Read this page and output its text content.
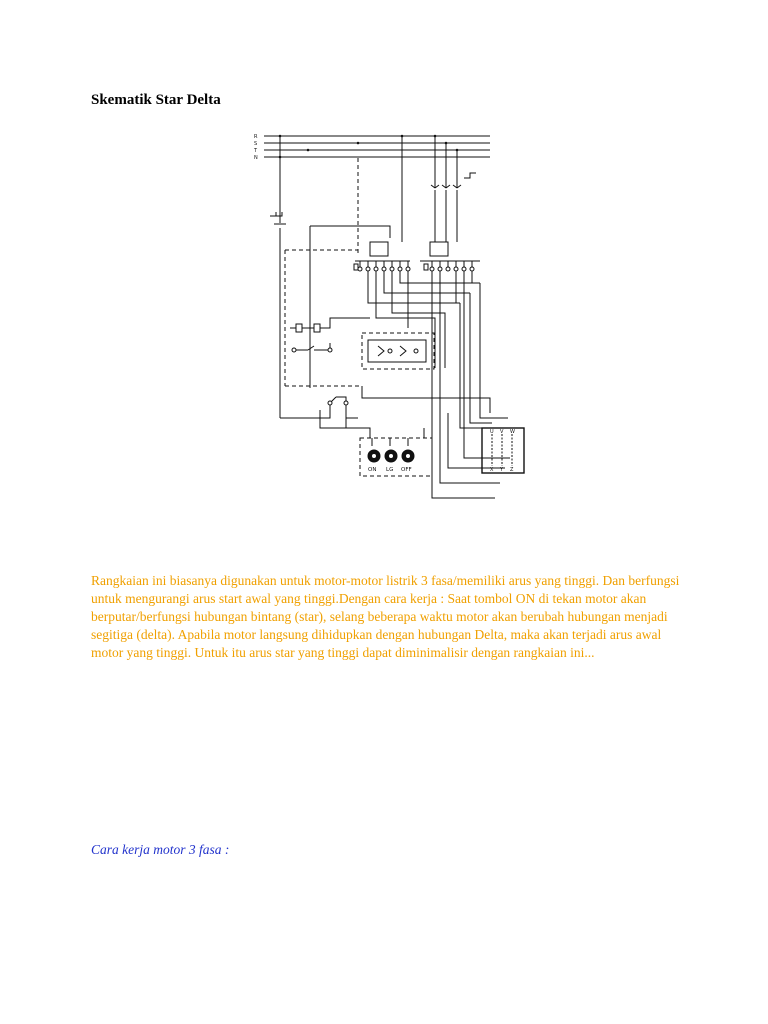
Skematik Star Delta
R
S
T
N
ON LG OFF
U V W
X Y Z

Rangkaian ini biasanya digunakan untuk motor-motor listrik 3 fasa/memiliki arus yang tinggi. Dan berfungsi untuk mengurangi arus start awal yang tinggi.Dengan cara kerja : Saat tombol ON di tekan motor akan berputar/berfungsi hubungan bintang (star), selang beberapa waktu motor akan berubah hubungan menjadi segitiga (delta). Apabila motor langsung dihidupkan dengan hubungan Delta, maka akan terjadi arus awal motor yang tinggi. Untuk itu arus star yang tinggi dapat diminimalisir dengan rangkaian ini...

Cara kerja motor 3 fasa :
